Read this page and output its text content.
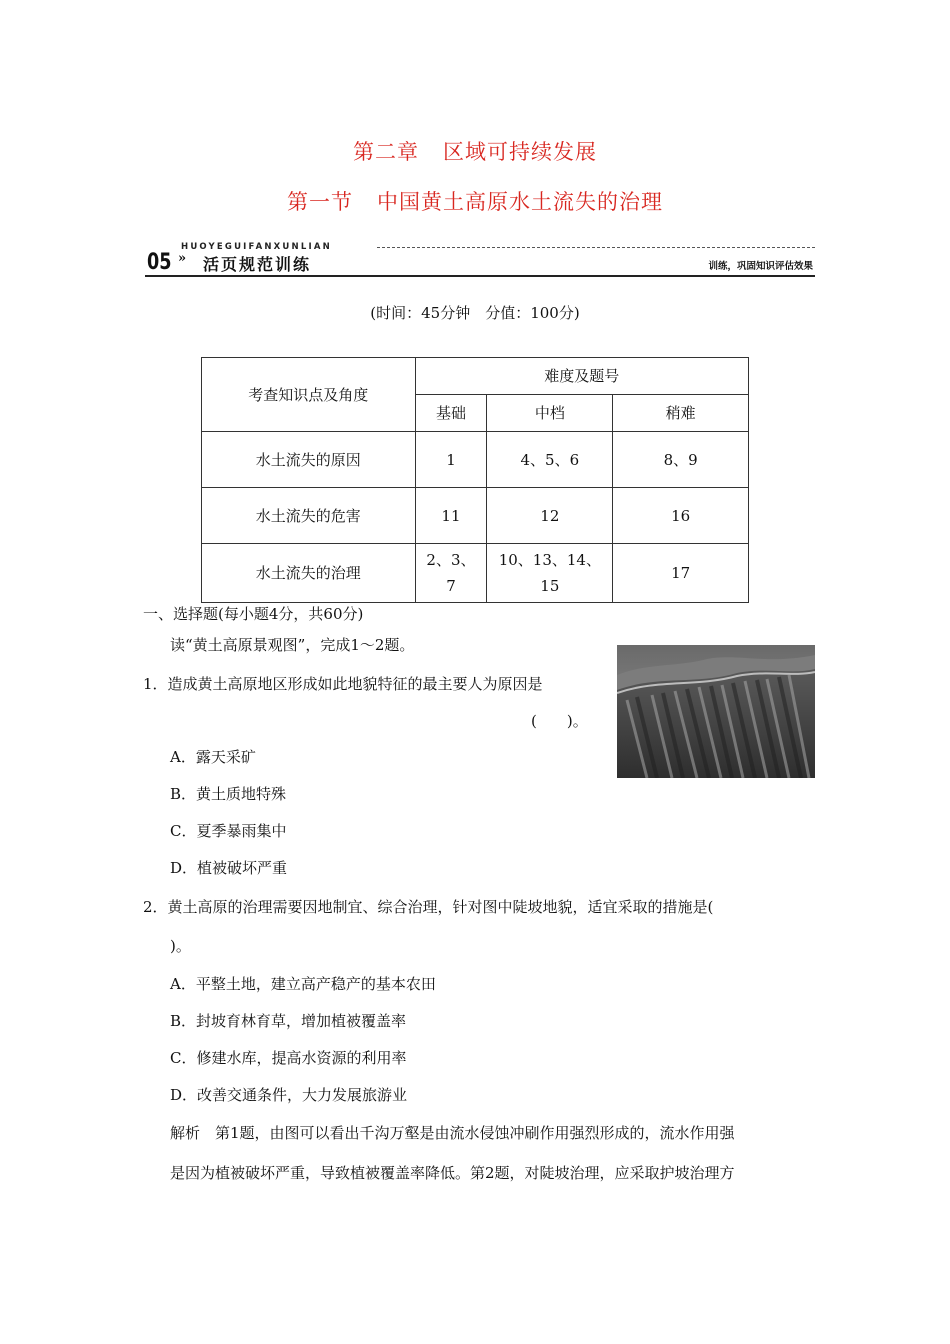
第二章 区域可持续发展
第一节 中国黄土高原水土流失的治理
HUOYEGUIFANXUNLIAN
05 » 活页规范训练	训练，巩固知识评估效果
(时间：45分钟　分值：100分)
考查知识点及角度	难度及题号		
	基础	中档	稍难
水土流失的原因	1	4、5、6	8、9
水土流失的危害	11	12	16
水土流失的治理	2、3、7	10、13、14、15	17
一、选择题(每小题4分，共60分)
读“黄土高原景观图”，完成1～2题。
1．造成黄土高原地区形成如此地貌特征的最主要人为原因是
(　　)。
A．露天采矿
B．黄土质地特殊
C．夏季暴雨集中
D．植被破坏严重
2．黄土高原的治理需要因地制宜、综合治理，针对图中陡坡地貌，适宜采取的措施是(
)。
A．平整土地，建立高产稳产的基本农田
B．封坡育林育草，增加植被覆盖率
C．修建水库，提高水资源的利用率
D．改善交通条件，大力发展旅游业
解析　第1题，由图可以看出千沟万壑是由流水侵蚀冲刷作用强烈形成的，流水作用强
是因为植被破坏严重，导致植被覆盖率降低。第2题，对陡坡治理，应采取护坡治理方
